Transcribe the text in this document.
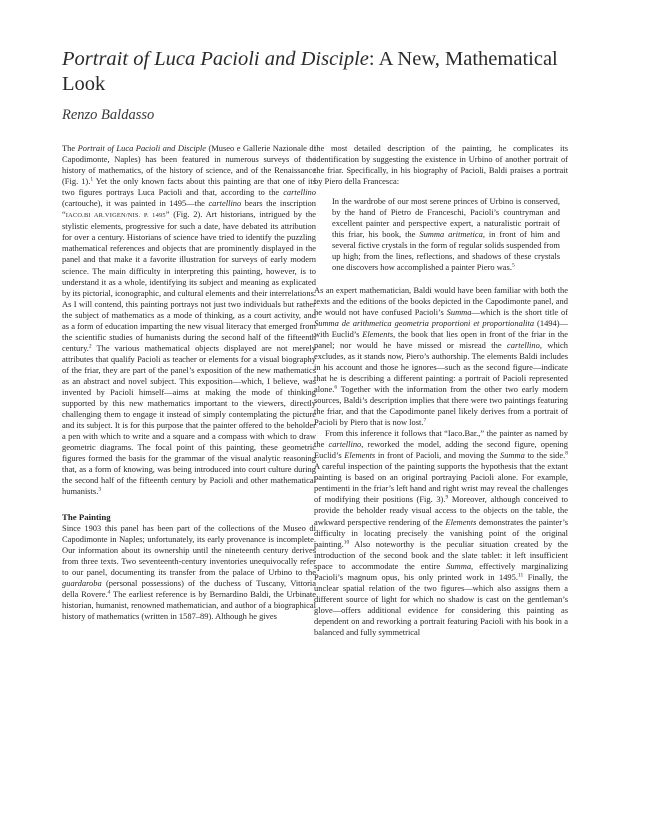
Portrait of Luca Pacioli and Disciple: A New, Mathematical Look

Renzo Baldasso

The Portrait of Luca Pacioli and Disciple (Museo e Gallerie Nazionale di Capodimonte, Naples) has been featured in numerous surveys of the history of mathematics, of the history of science, and of the Renaissance (Fig. 1).$^1$ Yet the only known facts about this painting are that one of its two figures portrays Luca Pacioli and that, according to the cartellino (cartouche), it was painted in 1495—the cartellino bears the inscription “IACO.BI AR.VIGEN/NIS. P. 1495” (Fig. 2). Art historians, intrigued by the stylistic elements, progressive for such a date, have debated its attribution for over a century. Historians of science have tried to identify the puzzling mathematical references and objects that are prominently displayed in the panel and that make it a favorite illustration for surveys of early modern science. The main difficulty in interpreting this painting, however, is to understand it as a whole, identifying its subject and meaning as explicated by its pictorial, iconographic, and cultural elements and their interrelations. As I will contend, this painting portrays not just two individuals but rather the subject of mathematics as a mode of thinking, as a court activity, and as a form of education imparting the new visual literacy that emerged from the scientific studies of humanists during the second half of the fifteenth century.$^2$ The various mathematical objects displayed are not merely attributes that qualify Pacioli as teacher or elements for a visual biography of the friar, they are part of the panel’s exposition of the new mathematics as an abstract and novel subject. This exposition—which, I believe, was invented by Pacioli himself—aims at making the mode of thinking supported by this new mathematics important to the viewers, directly challenging them to engage it instead of simply contemplating the picture and its subject. It is for this purpose that the painter offered to the beholder a pen with which to write and a square and a compass with which to draw geometric diagrams. The focal point of this painting, these geometric figures formed the basis for the grammar of the visual analytic reasoning that, as a form of knowing, was being introduced into court culture during the second half of the fifteenth century by Pacioli and other mathematical humanists.$^3$

The Painting

Since 1903 this panel has been part of the collections of the Museo di Capodimonte in Naples; unfortunately, its early provenance is incomplete. Our information about its ownership until the nineteenth century derives from three texts. Two seventeenth-century inventories unequivocally refer to our panel, documenting its transfer from the palace of Urbino to the guardaroba (personal possessions) of the duchess of Tuscany, Vittoria della Rovere.$^4$ The earliest reference is by Bernardino Baldi, the Urbinate historian, humanist, renowned mathematician, and author of a biographical history of mathematics (written in 1587–89). Although he gives

the most detailed description of the painting, he complicates its identification by suggesting the existence in Urbino of another portrait of the friar. Specifically, in his biography of Pacioli, Baldi praises a portrait by Piero della Francesca:

In the wardrobe of our most serene princes of Urbino is conserved, by the hand of Pietro de Franceschi, Pacioli’s countryman and excellent painter and perspective expert, a naturalistic portrait of this friar, his book, the Summa aritmetica, in front of him and several fictive crystals in the form of regular solids suspended from up high; from the lines, reflections, and shadows of these crystals one discovers how accomplished a painter Piero was.$^5$

As an expert mathematician, Baldi would have been familiar with both the texts and the editions of the books depicted in the Capodimonte panel, and he would not have confused Pacioli’s Summa—which is the short title of Summa de arithmetica geometria proportioni et proportionalita (1494)—with Euclid’s Elements, the book that lies open in front of the friar in the panel; nor would he have missed or misread the cartellino, which excludes, as it stands now, Piero’s authorship. The elements Baldi includes in his account and those he ignores—such as the second figure—indicate that he is describing a different painting: a portrait of Pacioli represented alone.$^6$ Together with the information from the other two early modern sources, Baldi’s description implies that there were two paintings featuring the friar, and that the Capodimonte panel likely derives from a portrait of Pacioli by Piero that is now lost.$^7$

From this inference it follows that “Iaco.Bar.,” the painter as named by the cartellino, reworked the model, adding the second figure, opening Euclid’s Elements in front of Pacioli, and moving the Summa to the side.$^8$ A careful inspection of the painting supports the hypothesis that the extant painting is based on an original portraying Pacioli alone. For example, pentimenti in the friar’s left hand and right wrist may reveal the challenges of modifying their positions (Fig. 3).$^9$ Moreover, although conceived to provide the beholder ready visual access to the objects on the table, the awkward perspective rendering of the Elements demonstrates the painter’s difficulty in locating precisely the vanishing point of the original painting.$^{10}$ Also noteworthy is the peculiar situation created by the introduction of the second book and the slate tablet: it left insufficient space to accommodate the entire Summa, effectively marginalizing Pacioli’s magnum opus, his only printed work in 1495.11 Finally, the unclear spatial relation of the two figures—which also assigns them a different source of light for which no shadow is cast on the gentleman’s glove—offers additional evidence for considering this painting as dependent on and reworking a portrait featuring Pacioli with his book in a balanced and fully symmetrical
